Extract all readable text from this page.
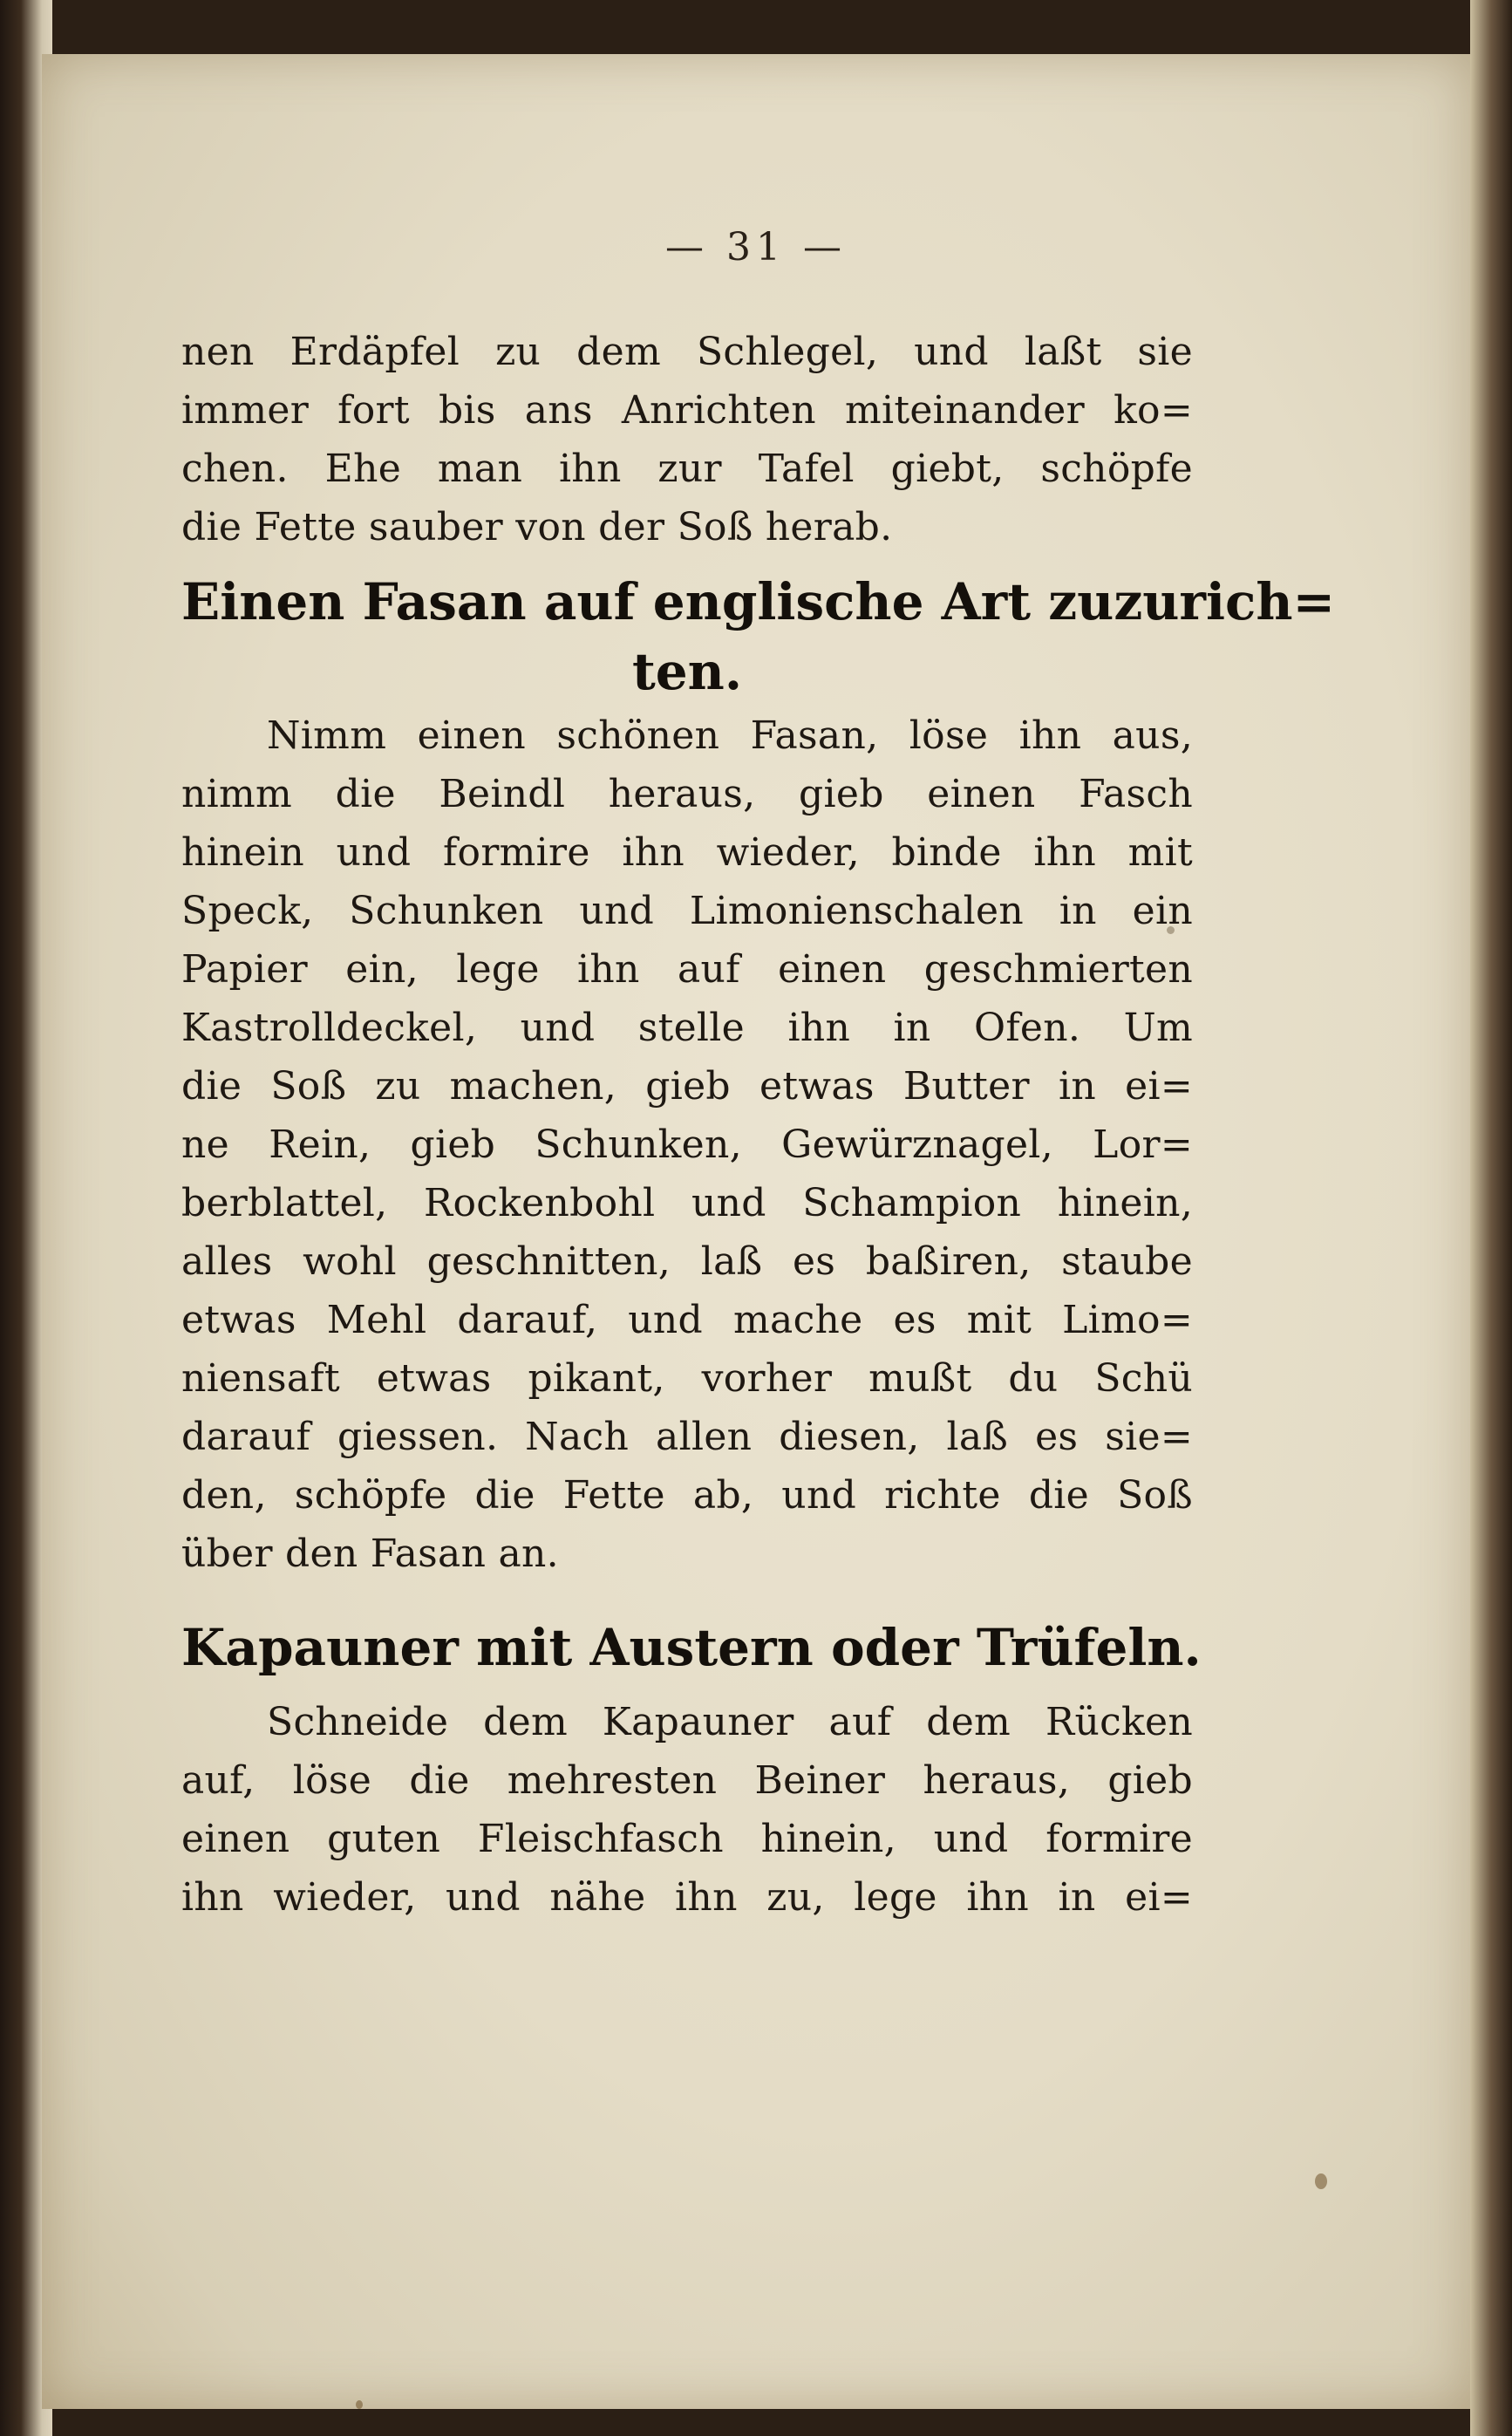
— 31 —
nen Erdäpfel zu dem Schlegel, und laßt sie
immer fort bis ans Anrichten miteinander ko=
chen. Ehe man ihn zur Tafel giebt, schöpfe
die Fette sauber von der Soß herab.
Einen Fasan auf englische Art zuzurich=
ten.
Nimm einen schönen Fasan, löse ihn aus,
nimm die Beindl heraus, gieb einen Fasch
hinein und formire ihn wieder, binde ihn mit
Speck, Schunken und Limonienschalen in ein
Papier ein, lege ihn auf einen geschmierten
Kastrolldeckel, und stelle ihn in Ofen. Um
die Soß zu machen, gieb etwas Butter in ei=
ne Rein, gieb Schunken, Gewürznagel, Lor=
berblattel, Rockenbohl und Schampion hinein,
alles wohl geschnitten, laß es baßiren, staube
etwas Mehl darauf, und mache es mit Limo=
niensaft etwas pikant, vorher mußt du Schü
darauf giessen. Nach allen diesen, laß es sie=
den, schöpfe die Fette ab, und richte die Soß
über den Fasan an.
Kapauner mit Austern oder Trüfeln.
Schneide dem Kapauner auf dem Rücken
auf, löse die mehresten Beiner heraus, gieb
einen guten Fleischfasch hinein, und formire
ihn wieder, und nähe ihn zu, lege ihn in ei=
